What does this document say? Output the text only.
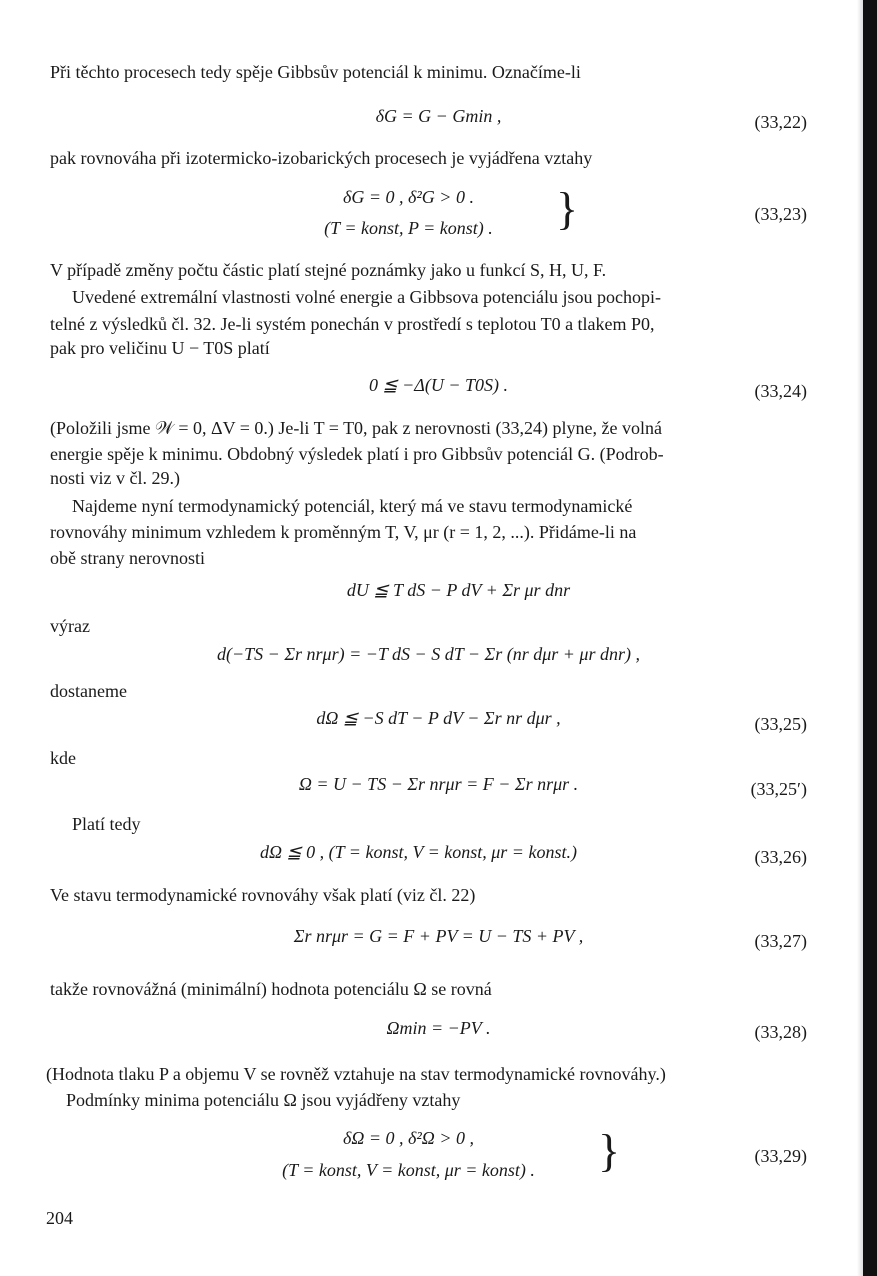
Při těchto procesech tedy spěje Gibbsův potenciál k minimu. Označíme-li
δG = G − Gmin ,	(33,22)
pak rovnováha při izotermicko-izobarických procesech je vyjádřena vztahy
δG = 0 , δ²G > 0 .
(T = konst, P = konst) .	}	(33,23)
V případě změny počtu částic platí stejné poznámky jako u funkcí S, H, U, F.
Uvedené extremální vlastnosti volné energie a Gibbsova potenciálu jsou pochopi-
telné z výsledků čl. 32. Je-li systém ponechán v prostředí s teplotou T0 a tlakem P0,
pak pro veličinu U − T0S platí
0 ≦ −Δ(U − T0S) .	(33,24)
(Položili jsme 𝒲 = 0, ΔV = 0.) Je-li T = T0, pak z nerovnosti (33,24) plyne, že volná
energie spěje k minimu. Obdobný výsledek platí i pro Gibbsův potenciál G. (Podrob-
nosti viz v čl. 29.)
Najdeme nyní termodynamický potenciál, který má ve stavu termodynamické
rovnováhy minimum vzhledem k proměnným T, V, μr (r = 1, 2, ...). Přidáme-li na
obě strany nerovnosti
dU ≦ T dS − P dV + Σr μr dnr
výraz
d(−TS − Σr nrμr) = −T dS − S dT − Σr (nr dμr + μr dnr) ,
dostaneme
dΩ ≦ −S dT − P dV − Σr nr dμr ,	(33,25)
kde
Ω = U − TS − Σr nrμr = F − Σr nrμr .	(33,25′)
Platí tedy
dΩ ≦ 0 , (T = konst, V = konst, μr = konst.)	(33,26)
Ve stavu termodynamické rovnováhy však platí (viz čl. 22)
Σr nrμr = G = F + PV = U − TS + PV ,	(33,27)
takže rovnovážná (minimální) hodnota potenciálu Ω se rovná
Ωmin = −PV .	(33,28)
(Hodnota tlaku P a objemu V se rovněž vztahuje na stav termodynamické rovnováhy.)
Podmínky minima potenciálu Ω jsou vyjádřeny vztahy
δΩ = 0 , δ²Ω > 0 ,
(T = konst, V = konst, μr = konst) .	}	(33,29)
204
